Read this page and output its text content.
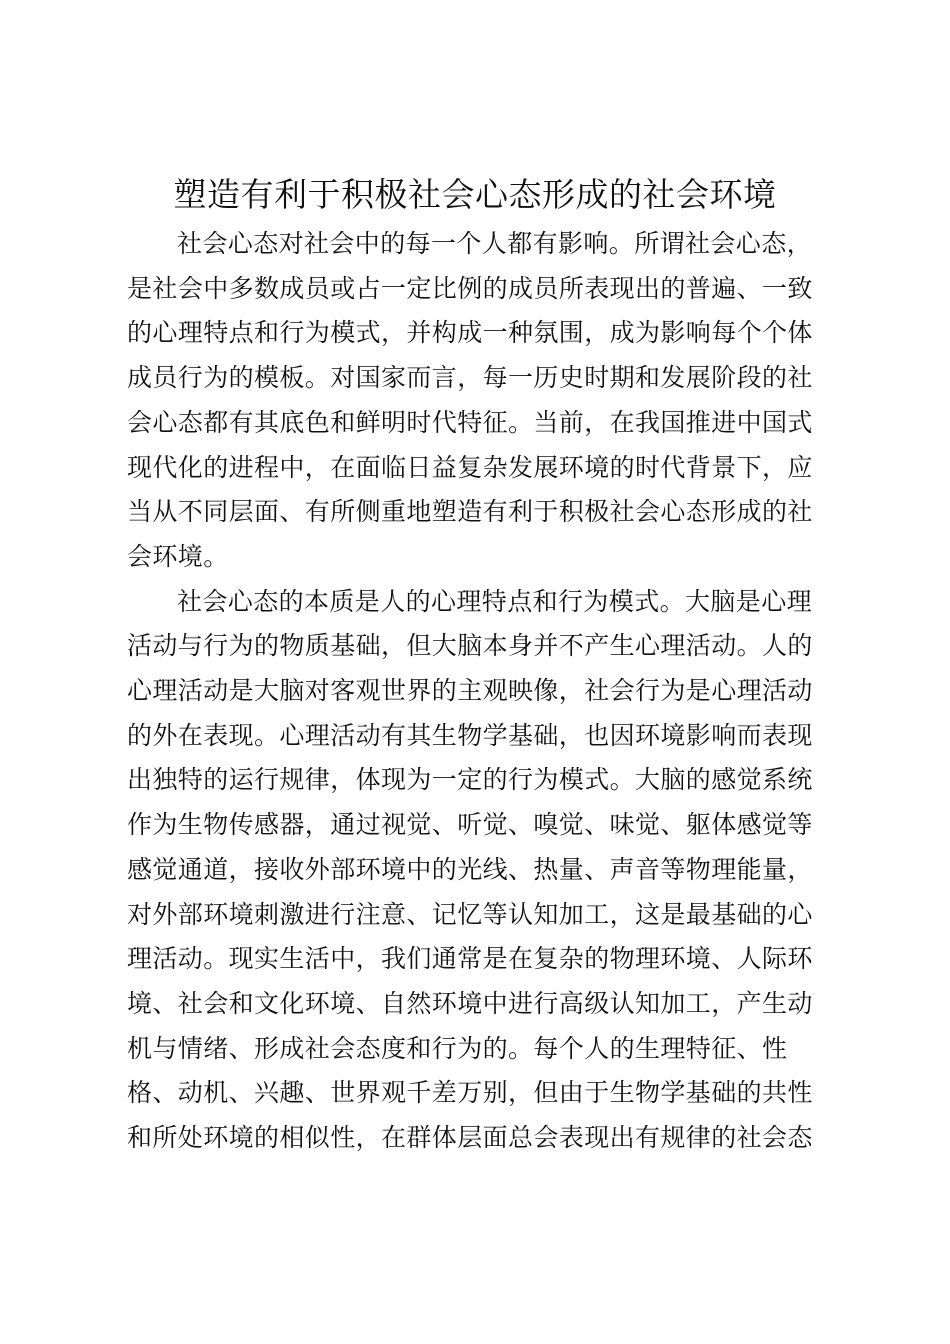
塑造有利于积极社会心态形成的社会环境

社会心态对社会中的每一个人都有影响。所谓社会心态，
是社会中多数成员或占一定比例的成员所表现出的普遍、一致
的心理特点和行为模式，并构成一种氛围，成为影响每个个体
成员行为的模板。对国家而言，每一历史时期和发展阶段的社
会心态都有其底色和鲜明时代特征。当前，在我国推进中国式
现代化的进程中，在面临日益复杂发展环境的时代背景下，应
当从不同层面、有所侧重地塑造有利于积极社会心态形成的社
会环境。

社会心态的本质是人的心理特点和行为模式。大脑是心理
活动与行为的物质基础，但大脑本身并不产生心理活动。人的
心理活动是大脑对客观世界的主观映像，社会行为是心理活动
的外在表现。心理活动有其生物学基础，也因环境影响而表现
出独特的运行规律，体现为一定的行为模式。大脑的感觉系统
作为生物传感器，通过视觉、听觉、嗅觉、味觉、躯体感觉等
感觉通道，接收外部环境中的光线、热量、声音等物理能量，
对外部环境刺激进行注意、记忆等认知加工，这是最基础的心
理活动。现实生活中，我们通常是在复杂的物理环境、人际环
境、社会和文化环境、自然环境中进行高级认知加工，产生动
机与情绪、形成社会态度和行为的。每个人的生理特征、性
格、动机、兴趣、世界观千差万别，但由于生物学基础的共性
和所处环境的相似性，在群体层面总会表现出有规律的社会态
